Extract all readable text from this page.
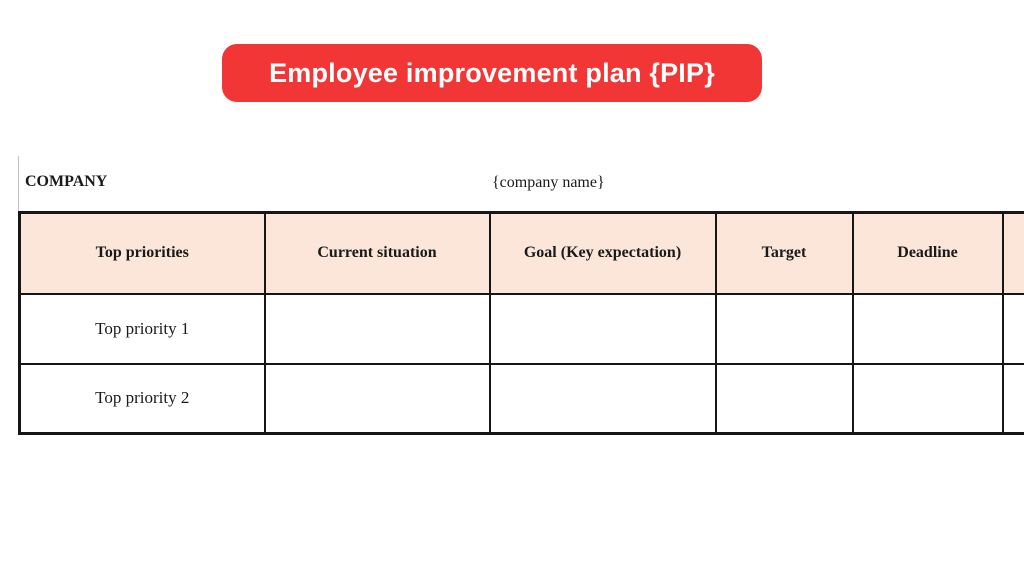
Employee improvement plan {PIP}
COMPANY	{company name}
Top priorities	Current situation	Goal (Key expectation)	Target	Deadline	
Top priority 1					
Top priority 2					
